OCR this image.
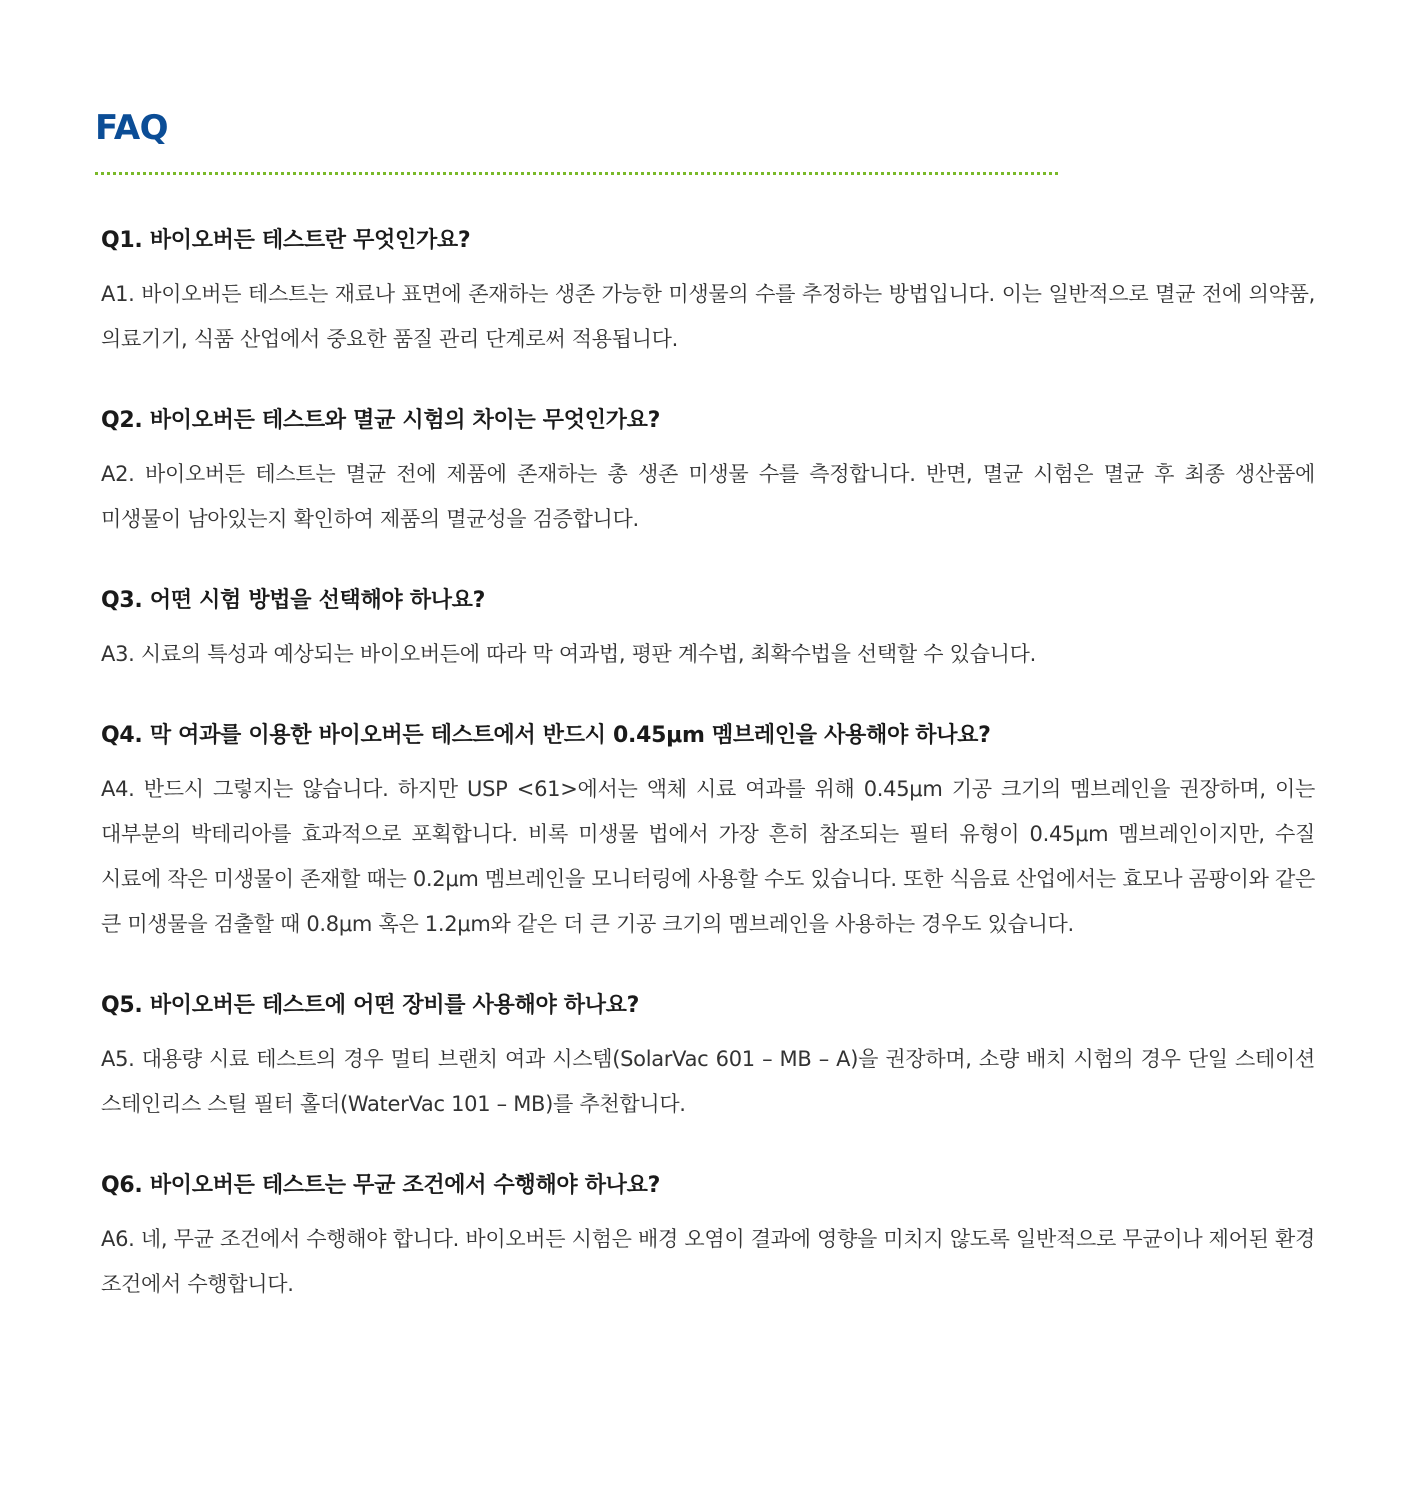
FAQ
Q1. 바이오버든 테스트란 무엇인가요?

A1. 바이오버든 테스트는 재료나 표면에 존재하는 생존 가능한 미생물의 수를 추정하는 방법입니다. 이는 일반적으로 멸균 전에 의약품, 의료기기, 식품 산업에서 중요한 품질 관리 단계로써 적용됩니다.

Q2. 바이오버든 테스트와 멸균 시험의 차이는 무엇인가요?

A2. 바이오버든 테스트는 멸균 전에 제품에 존재하는 총 생존 미생물 수를 측정합니다. 반면, 멸균 시험은 멸균 후 최종 생산품에 미생물이 남아있는지 확인하여 제품의 멸균성을 검증합니다.

Q3. 어떤 시험 방법을 선택해야 하나요?

A3. 시료의 특성과 예상되는 바이오버든에 따라 막 여과법, 평판 계수법, 최확수법을 선택할 수 있습니다.

Q4. 막 여과를 이용한 바이오버든 테스트에서 반드시 0.45μm 멤브레인을 사용해야 하나요?

A4. 반드시 그렇지는 않습니다. 하지만 USP <61>에서는 액체 시료 여과를 위해 0.45μm 기공 크기의 멤브레인을 권장하며, 이는 대부분의 박테리아를 효과적으로 포획합니다. 비록 미생물 법에서 가장 흔히 참조되는 필터 유형이 0.45μm 멤브레인이지만, 수질 시료에 작은 미생물이 존재할 때는 0.2μm 멤브레인을 모니터링에 사용할 수도 있습니다. 또한 식음료 산업에서는 효모나 곰팡이와 같은 큰 미생물을 검출할 때 0.8μm 혹은 1.2μm와 같은 더 큰 기공 크기의 멤브레인을 사용하는 경우도 있습니다.

Q5. 바이오버든 테스트에 어떤 장비를 사용해야 하나요?

A5. 대용량 시료 테스트의 경우 멀티 브랜치 여과 시스템(SolarVac 601 – MB – A)을 권장하며, 소량 배치 시험의 경우 단일 스테이션 스테인리스 스틸 필터 홀더(WaterVac 101 – MB)를 추천합니다.

Q6. 바이오버든 테스트는 무균 조건에서 수행해야 하나요?

A6. 네, 무균 조건에서 수행해야 합니다. 바이오버든 시험은 배경 오염이 결과에 영향을 미치지 않도록 일반적으로 무균이나 제어된 환경 조건에서 수행합니다.
